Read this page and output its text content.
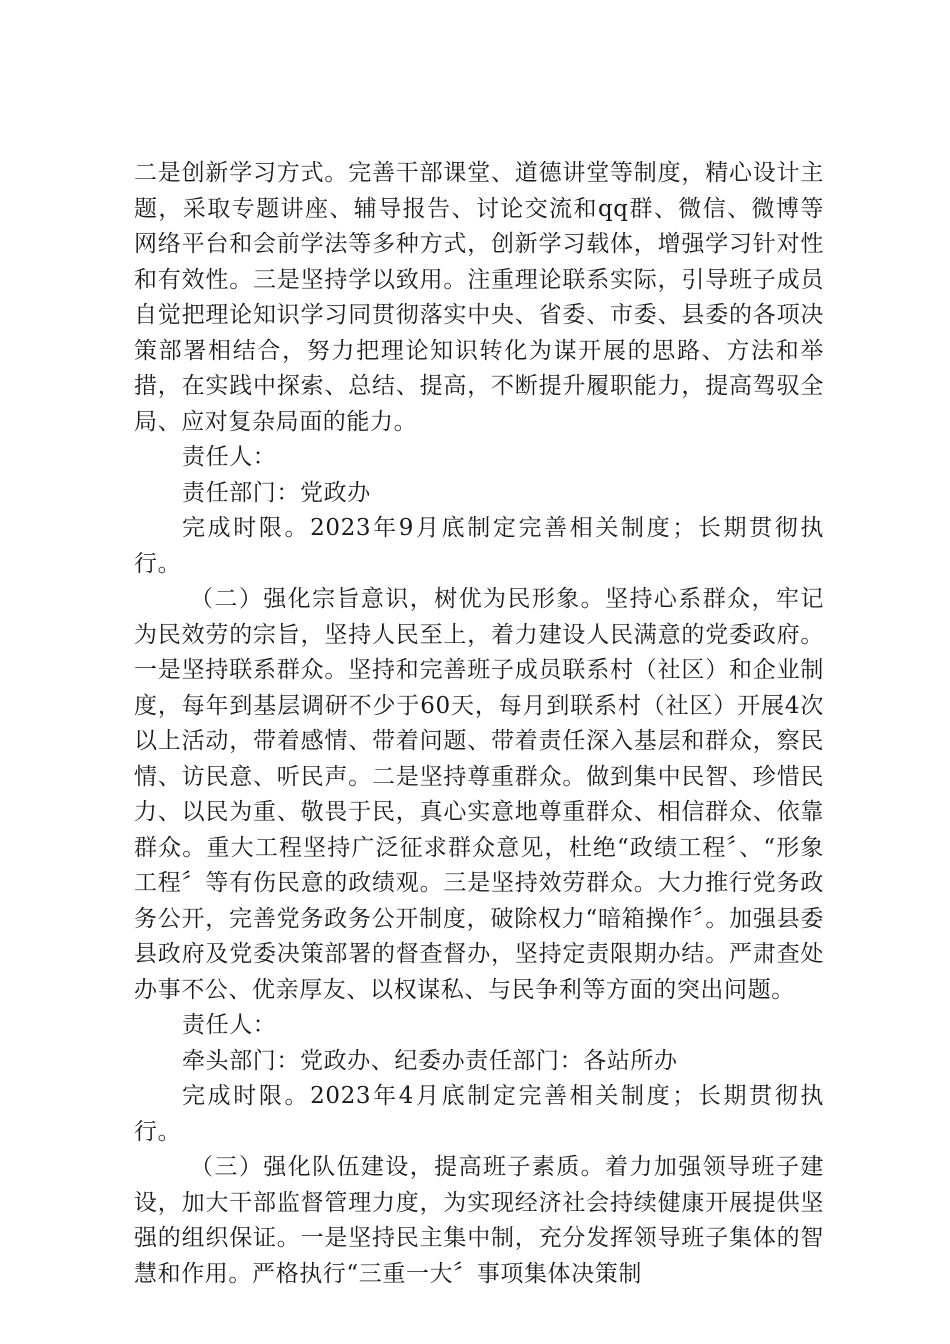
二是创新学习方式。完善干部课堂、道德讲堂等制度，精心设计主题，采取专题讲座、辅导报告、讨论交流和qq群、微信、微博等网络平台和会前学法等多种方式，创新学习载体，增强学习针对性和有效性。三是坚持学以致用。注重理论联系实际，引导班子成员自觉把理论知识学习同贯彻落实中央、省委、市委、县委的各项决策部署相结合，努力把理论知识转化为谋开展的思路、方法和举措，在实践中探索、总结、提高，不断提升履职能力，提高驾驭全局、应对复杂局面的能力。

责任人：

责任部门：党政办

完成时限。2023年9月底制定完善相关制度；长期贯彻执行。

（二）强化宗旨意识，树优为民形象。坚持心系群众，牢记为民效劳的宗旨，坚持人民至上，着力建设人民满意的党委政府。一是坚持联系群众。坚持和完善班子成员联系村（社区）和企业制度，每年到基层调研不少于60天，每月到联系村（社区）开展4次以上活动，带着感情、带着问题、带着责任深入基层和群众，察民情、访民意、听民声。二是坚持尊重群众。做到集中民智、珍惜民力、以民为重、敬畏于民，真心实意地尊重群众、相信群众、依靠群众。重大工程坚持广泛征求群众意见，杜绝“政绩工程〞、“形象工程〞等有伤民意的政绩观。三是坚持效劳群众。大力推行党务政务公开，完善党务政务公开制度，破除权力“暗箱操作〞。加强县委县政府及党委决策部署的督查督办，坚持定责限期办结。严肃查处办事不公、优亲厚友、以权谋私、与民争利等方面的突出问题。

责任人：

牵头部门：党政办、纪委办责任部门：各站所办

完成时限。2023年4月底制定完善相关制度；长期贯彻执行。

（三）强化队伍建设，提高班子素质。着力加强领导班子建设，加大干部监督管理力度，为实现经济社会持续健康开展提供坚强的组织保证。一是坚持民主集中制，充分发挥领导班子集体的智慧和作用。严格执行“三重一大〞事项集体决策制
